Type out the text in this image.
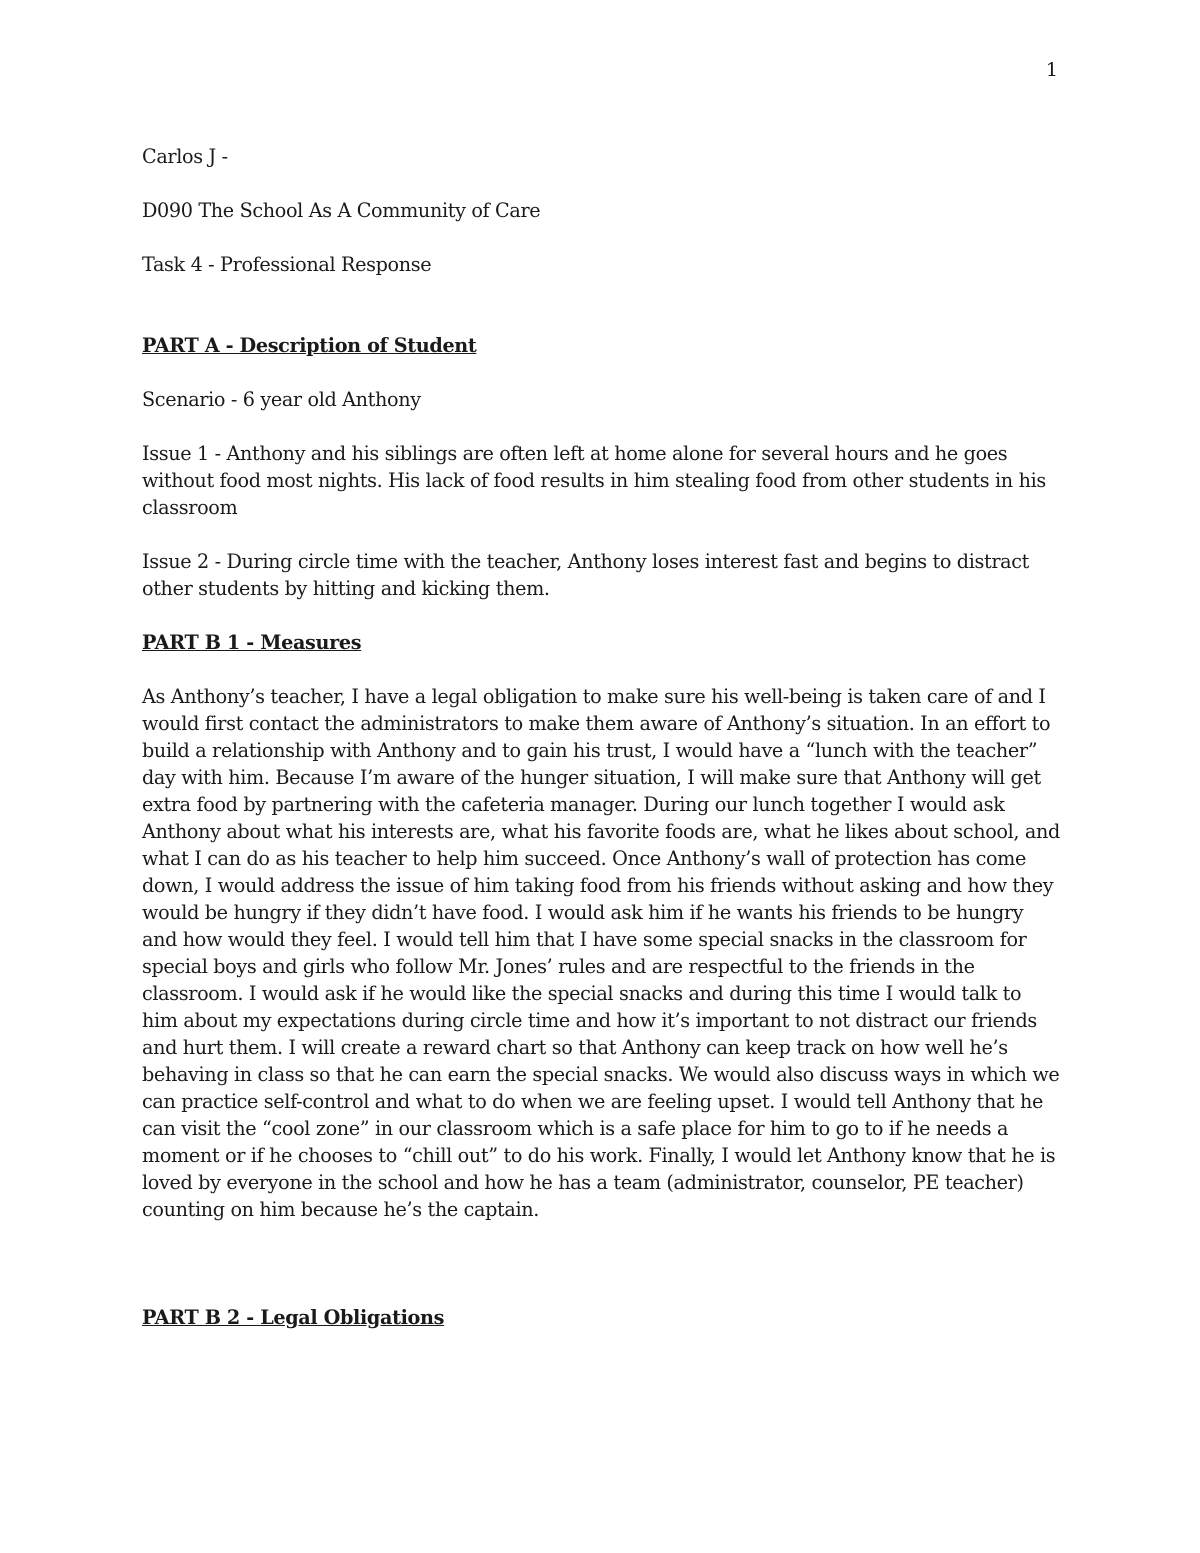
1

Carlos J -

D090 The School As A Community of Care

Task 4 - Professional Response

PART A - Description of Student

Scenario - 6 year old Anthony

Issue 1 - Anthony and his siblings are often left at home alone for several hours and he goes without food most nights. His lack of food results in him stealing food from other students in his classroom

Issue 2 - During circle time with the teacher, Anthony loses interest fast and begins to distract other students by hitting and kicking them.

PART B 1 - Measures

As Anthony’s teacher, I have a legal obligation to make sure his well-being is taken care of and I would first contact the administrators to make them aware of Anthony’s situation. In an effort to build a relationship with Anthony and to gain his trust, I would have a “lunch with the teacher” day with him. Because I’m aware of the hunger situation, I will make sure that Anthony will get extra food by partnering with the cafeteria manager. During our lunch together I would ask Anthony about what his interests are, what his favorite foods are, what he likes about school, and what I can do as his teacher to help him succeed. Once Anthony’s wall of protection has come down, I would address the issue of him taking food from his friends without asking and how they would be hungry if they didn’t have food. I would ask him if he wants his friends to be hungry and how would they feel. I would tell him that I have some special snacks in the classroom for special boys and girls who follow Mr. Jones’ rules and are respectful to the friends in the classroom. I would ask if he would like the special snacks and during this time I would talk to him about my expectations during circle time and how it’s important to not distract our friends and hurt them. I will create a reward chart so that Anthony can keep track on how well he’s behaving in class so that he can earn the special snacks. We would also discuss ways in which we can practice self-control and what to do when we are feeling upset. I would tell Anthony that he can visit the “cool zone” in our classroom which is a safe place for him to go to if he needs a moment or if he chooses to “chill out” to do his work. Finally, I would let Anthony know that he is loved by everyone in the school and how he has a team (administrator, counselor, PE teacher) counting on him because he’s the captain.

PART B 2 - Legal Obligations
